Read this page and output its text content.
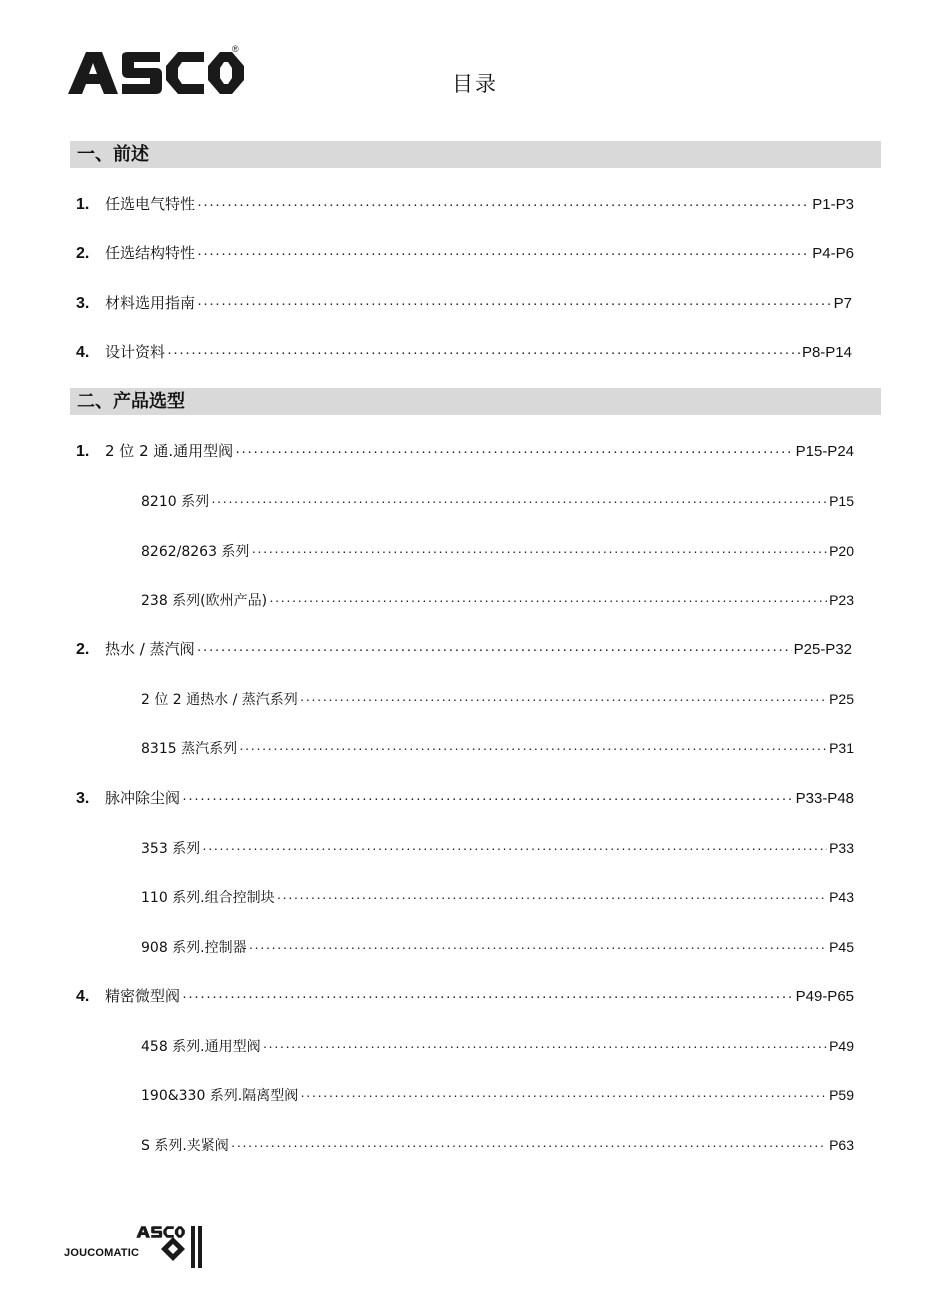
®
目录
一、前述
1.	任选电气特性 ·····	P1-P3
2.	任选结构特性 ·····	P4-P6
3.	材料选用指南 ·····	P7
4.	设计资料 ·····	P8-P14
二、产品选型
1.	2 位 2 通.通用型阀 ·····	P15-P24
8210 系列 ·····	P15
8262/8263 系列 ·····	P20
238 系列(欧州产品) ·····	P23
2.	热水 / 蒸汽阀 ·····	P25-P32
2 位 2 通热水 / 蒸汽系列 ·····	P25
8315 蒸汽系列 ·····	P31
3.	脉冲除尘阀 ·····	P33-P48
353 系列 ·····	P33
110 系列.组合控制块 ·····	P43
908 系列.控制器 ·····	P45
4.	精密微型阀 ·····	P49-P65
458 系列.通用型阀 ·····	P49
190&330 系列.隔离型阀 ·····	P59
S 系列.夹紧阀 ·····	P63
JOUCOMATIC
